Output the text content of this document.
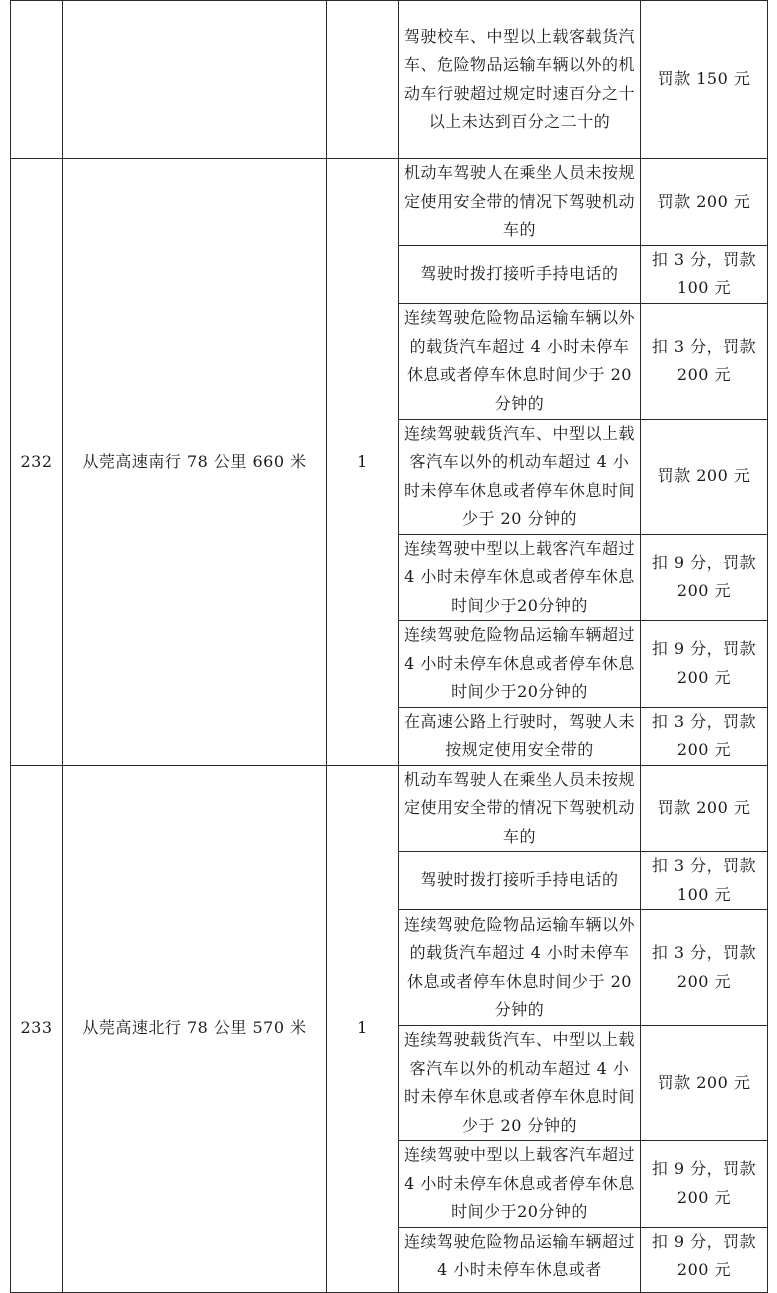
			驾驶校车、中型以上载客载货汽车、危险物品运输车辆以外的机动车行驶超过规定时速百分之十以上未达到百分之二十的	罚款 150 元
232	从莞高速南行 78 公里 660 米	1	机动车驾驶人在乘坐人员未按规定使用安全带的情况下驾驶机动车的	罚款 200 元
			驾驶时拨打接听手持电话的	扣 3 分，罚款 100 元
			连续驾驶危险物品运输车辆以外的载货汽车超过 4 小时未停车休息或者停车休息时间少于 20 分钟的	扣 3 分，罚款 200 元
			连续驾驶载货汽车、中型以上载客汽车以外的机动车超过 4 小时未停车休息或者停车休息时间少于 20 分钟的	罚款 200 元
			连续驾驶中型以上载客汽车超过 4 小时未停车休息或者停车休息时间少于20分钟的	扣 9 分，罚款 200 元
			连续驾驶危险物品运输车辆超过 4 小时未停车休息或者停车休息时间少于20分钟的	扣 9 分，罚款 200 元
			在高速公路上行驶时，驾驶人未按规定使用安全带的	扣 3 分，罚款 200 元
233	从莞高速北行 78 公里 570 米	1	机动车驾驶人在乘坐人员未按规定使用安全带的情况下驾驶机动车的	罚款 200 元
			驾驶时拨打接听手持电话的	扣 3 分，罚款 100 元
			连续驾驶危险物品运输车辆以外的载货汽车超过 4 小时未停车休息或者停车休息时间少于 20 分钟的	扣 3 分，罚款 200 元
			连续驾驶载货汽车、中型以上载客汽车以外的机动车超过 4 小时未停车休息或者停车休息时间少于 20 分钟的	罚款 200 元
			连续驾驶中型以上载客汽车超过 4 小时未停车休息或者停车休息时间少于20分钟的	扣 9 分，罚款 200 元
			连续驾驶危险物品运输车辆超过 4 小时未停车休息或者	扣 9 分，罚款 200 元
